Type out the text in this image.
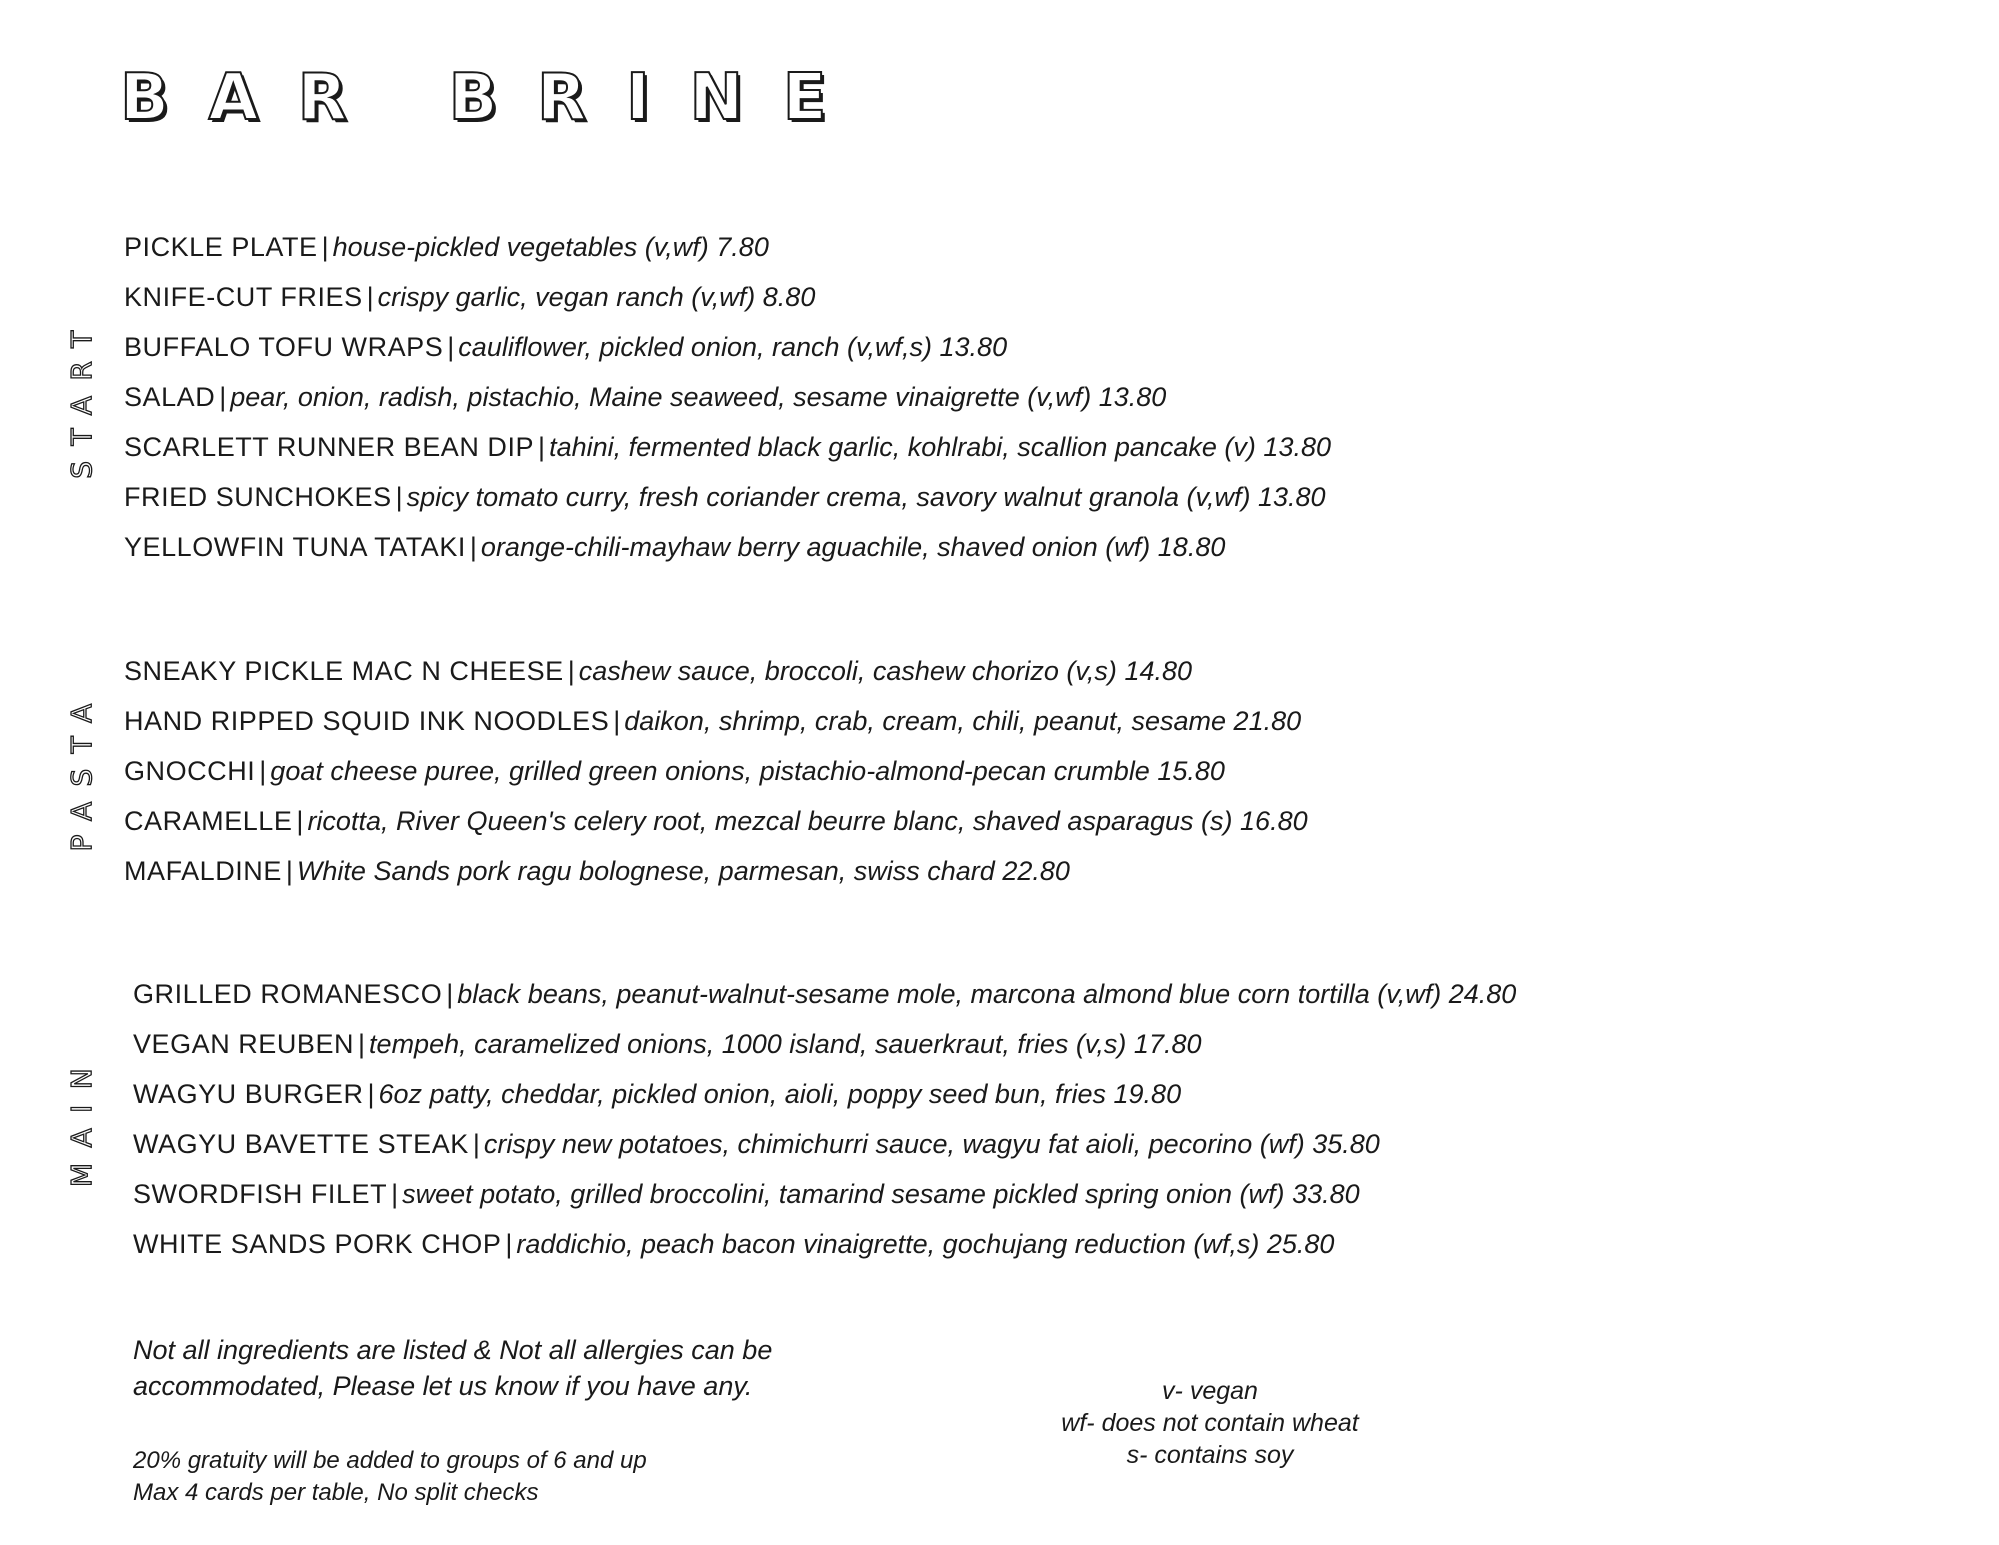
BAR BRINE
START
PICKLE PLATE | house-pickled vegetables (v,wf) 7.80
KNIFE-CUT FRIES | crispy garlic, vegan ranch (v,wf) 8.80
BUFFALO TOFU WRAPS | cauliflower, pickled onion, ranch (v,wf,s) 13.80
SALAD | pear, onion, radish, pistachio, Maine seaweed, sesame vinaigrette (v,wf) 13.80
SCARLETT RUNNER BEAN DIP | tahini, fermented black garlic, kohlrabi, scallion pancake (v) 13.80
FRIED SUNCHOKES | spicy tomato curry, fresh coriander crema, savory walnut granola (v,wf) 13.80
YELLOWFIN TUNA TATAKI | orange-chili-mayhaw berry aguachile, shaved onion (wf) 18.80
PASTA
SNEAKY PICKLE MAC N CHEESE | cashew sauce, broccoli, cashew chorizo (v,s) 14.80
HAND RIPPED SQUID INK NOODLES | daikon, shrimp, crab, cream, chili, peanut, sesame 21.80
GNOCCHI | goat cheese puree, grilled green onions, pistachio-almond-pecan crumble 15.80
CARAMELLE | ricotta, River Queen's celery root, mezcal beurre blanc, shaved asparagus (s) 16.80
MAFALDINE | White Sands pork ragu bolognese, parmesan, swiss chard 22.80
MAIN
GRILLED ROMANESCO | black beans, peanut-walnut-sesame mole, marcona almond blue corn tortilla (v,wf) 24.80
VEGAN REUBEN | tempeh, caramelized onions, 1000 island, sauerkraut, fries (v,s) 17.80
WAGYU BURGER | 6oz patty, cheddar, pickled onion, aioli, poppy seed bun, fries 19.80
WAGYU BAVETTE STEAK | crispy new potatoes, chimichurri sauce, wagyu fat aioli, pecorino (wf) 35.80
SWORDFISH FILET | sweet potato, grilled broccolini, tamarind sesame pickled spring onion (wf) 33.80
WHITE SANDS PORK CHOP | raddichio, peach bacon vinaigrette, gochujang reduction (wf,s) 25.80
Not all ingredients are listed & Not all allergies can be
accommodated, Please let us know if you have any.
20% gratuity will be added to groups of 6 and up
Max 4 cards per table, No split checks
v- vegan
wf- does not contain wheat
s- contains soy
